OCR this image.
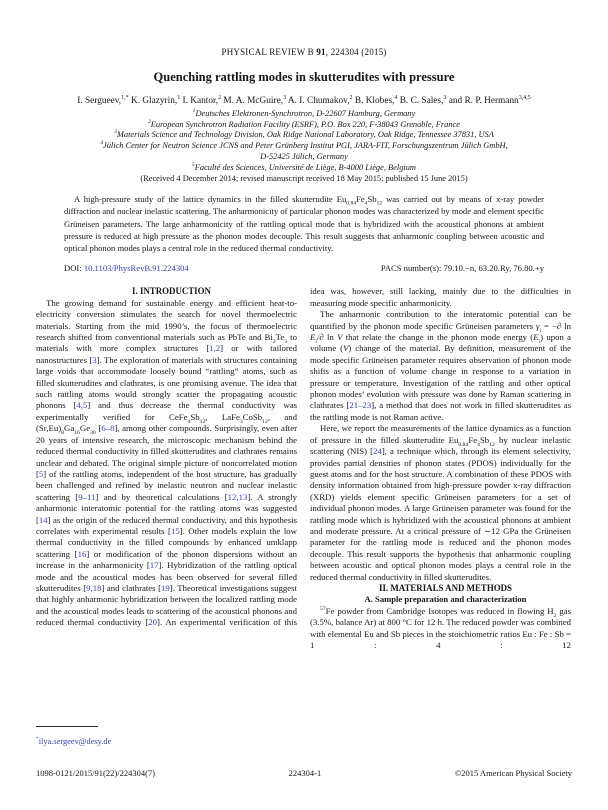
PHYSICAL REVIEW B 91, 224304 (2015)
Quenching rattling modes in skutterudites with pressure
I. Sergueev,$^{1,*}$ K. Glazyrin,$^1$ I. Kantor,$^2$ M. A. McGuire,$^3$ A. I. Chumakov,$^2$ B. Klobes,$^4$ B. C. Sales,$^3$ and R. P. Hermann$^{3,4,5}$
$^1$Deutsches Elektronen-Synchrotron, D-22607 Hamburg, Germany
$^2$European Synchrotron Radiation Facility (ESRF), P.O. Box 220, F-38043 Grenoble, France
$^3$Materials Science and Technology Division, Oak Ridge National Laboratory, Oak Ridge, Tennessee 37831, USA
$^4$Jülich Center for Neutron Science JCNS and Peter Grünberg Institut PGI, JARA-FIT, Forschungszentrum Jülich GmbH,
D-52425 Jülich, Germany
$^5$Faculté des Sciences, Université de Liège, B-4000 Liège, Belgium
(Received 4 December 2014; revised manuscript received 18 May 2015; published 15 June 2015)
A high-pressure study of the lattice dynamics in the filled skutterudite $Eu_{0.84}Fe_4Sb_{12}$ was carried out by means of x-ray powder diffraction and nuclear inelastic scattering. The anharmonicity of particular phonon modes was characterized by mode and element specific Grüneisen parameters. The large anharmonicity of the rattling optical mode that is hybridized with the acoustical phonons at ambient pressure is reduced at high pressure as the phonon modes decouple. This result suggests that anharmonic coupling between acoustic and optical phonon modes plays a central role in the reduced thermal conductivity.
DOI: 10.1103/PhysRevB.91.224304	PACS number(s): 79.10.−n, 63.20.Ry, 76.80.+y

I. INTRODUCTION

The growing demand for sustainable energy and efficient heat-to-electricity conversion stimulates the search for novel thermoelectric materials. Starting from the mid 1990’s, the focus of thermoelectric research shifted from conventional materials such as PbTe and $Bi_2Te_3$ to materials with more complex structures [1,2] or with tailored nanostructures [3]. The exploration of materials with structures containing large voids that accommodate loosely bound “rattling” atoms, such as filled skutterudites and clathrates, is one promising avenue. The idea that such rattling atoms would strongly scatter the propagating acoustic phonons [4,5] and thus decrease the thermal conductivity was experimentally verified for $CeFe_4Sb_{12}$, LaFe$_3$CoSb$_{12}$, and $(Sr,Eu)_8Ga_{16}Ge_{30}$ [6–8], among other compounds. Surprisingly, even after 20 years of intensive research, the microscopic mechanism behind the reduced thermal conductivity in filled skutterudites and clathrates remains unclear and debated. The original simple picture of noncorrelated motion [5] of the rattling atoms, independent of the host structure, has gradually been challenged and refined by inelastic neutron and nuclear inelastic scattering [9–11] and by theoretical calculations [12,13]. A strongly anharmonic interatomic potential for the rattling atoms was suggested [14] as the origin of the reduced thermal conductivity, and this hypothesis correlates with experimental results [15]. Other models explain the low thermal conductivity in the filled compounds by enhanced umklapp scattering [16] or modification of the phonon dispersions without an increase in the anharmonicity [17]. Hybridization of the rattling optical mode and the acoustical modes has been observed for several filled skutterudites [9,18] and clathrates [19]. Theoretical investigations suggest that highly anharmonic hybridization between the localized rattling mode and the acoustical modes leads to scattering of the acoustical phonons and reduced thermal conductivity [20]. An experimental verification of this

idea was, however, still lacking, mainly due to the difficulties in measuring mode specific anharmonicity.

The anharmonic contribution to the interatomic potential can be quantified by the phonon mode specific Grüneisen parameters $\gamma_i$ = −∂ $\ln E_i/\partial$ ln V that relate the change in the phonon mode energy $(E_i)$ upon a volume (V) change of the material. By definition, measurement of the mode specific Grüneisen parameter requires observation of phonon mode shifts as a function of volume change in response to a variation in pressure or temperature. Investigation of the rattling and other optical phonon modes’ evolution with pressure was done by Raman scattering in clathrates [21–23], a method that does not work in filled skutterudites as the rattling mode is not Raman active.

Here, we report the measurements of the lattice dynamics as a function of pressure in the filled skutterudite $Eu_{0.84}Fe_4Sb_{12}$ by nuclear inelastic scattering (NIS) [24], a technique which, through its element selectivity, provides partial densities of phonon states (PDOS) individually for the guest atoms and for the host structure. A combination of these PDOS with density information obtained from high-pressure powder x-ray diffraction (XRD) yields element specific Grüneisen parameters for a set of individual phonon modes. A large Grüneisen parameter was found for the rattling mode which is hybridized with the acoustical phonons at ambient and moderate pressure. At a critical pressure of ∼12 GPa the Grüneisen parameter for the rattling mode is reduced and the phonon modes decouple. This result supports the hypothesis that anharmonic coupling between acoustic and optical phonon modes plays a central role in the reduced thermal conductivity in filled skutterudites.

II. MATERIALS AND METHODS

A. Sample preparation and characterization

$^{57}$Fe powder from Cambridge Isotopes was reduced in flowing $H_2$ gas (3.5%, balance Ar) at 800 °C for 12 h. The reduced powder was combined with elemental Eu and Sb pieces in the stoichiometric ratios Eu : Fe : Sb = 1 : 4 : 12

*ilya.sergeev@desy.de
1098-0121/2015/91(22)/224304(7)	224304-1	©2015 American Physical Society
